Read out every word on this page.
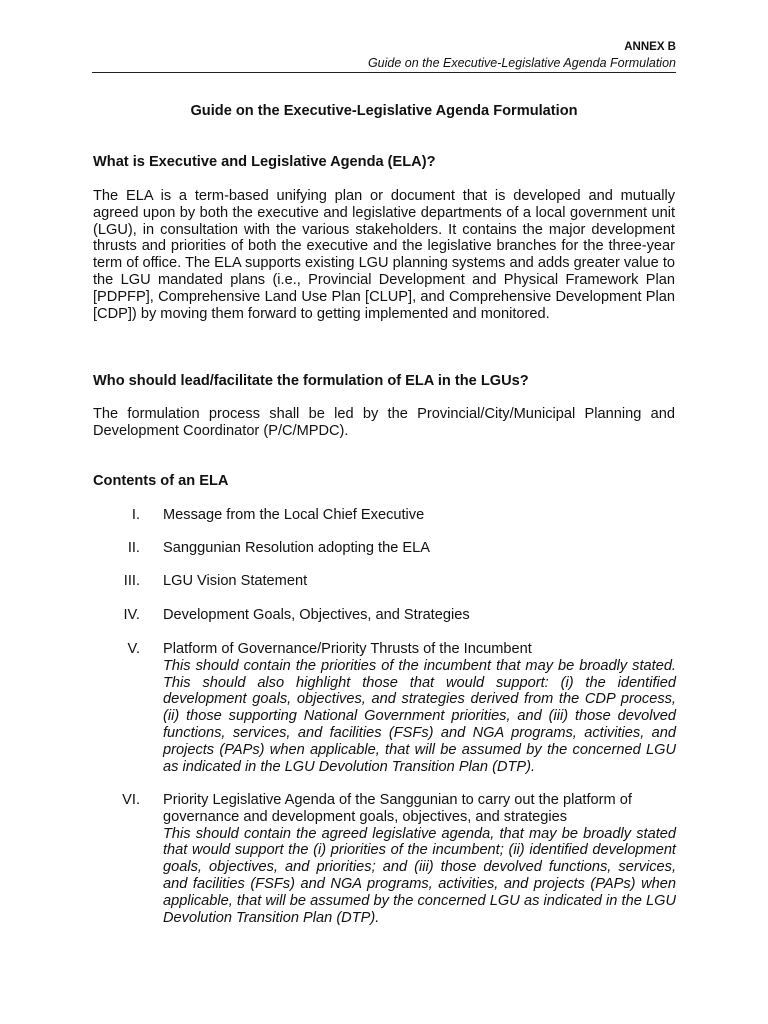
ANNEX B
Guide on the Executive-Legislative Agenda Formulation
Guide on the Executive-Legislative Agenda Formulation
What is Executive and Legislative Agenda (ELA)?
The ELA is a term-based unifying plan or document that is developed and mutually agreed upon by both the executive and legislative departments of a local government unit (LGU), in consultation with the various stakeholders. It contains the major development thrusts and priorities of both the executive and the legislative branches for the three-year term of office. The ELA supports existing LGU planning systems and adds greater value to the LGU mandated plans (i.e., Provincial Development and Physical Framework Plan [PDPFP], Comprehensive Land Use Plan [CLUP], and Comprehensive Development Plan [CDP]) by moving them forward to getting implemented and monitored.
Who should lead/facilitate the formulation of ELA in the LGUs?
The formulation process shall be led by the Provincial/City/Municipal Planning and Development Coordinator (P/C/MPDC).
Contents of an ELA
I. Message from the Local Chief Executive
II. Sanggunian Resolution adopting the ELA
III. LGU Vision Statement
IV. Development Goals, Objectives, and Strategies
V. Platform of Governance/Priority Thrusts of the Incumbent
This should contain the priorities of the incumbent that may be broadly stated. This should also highlight those that would support: (i) the identified development goals, objectives, and strategies derived from the CDP process, (ii) those supporting National Government priorities, and (iii) those devolved functions, services, and facilities (FSFs) and NGA programs, activities, and projects (PAPs) when applicable, that will be assumed by the concerned LGU as indicated in the LGU Devolution Transition Plan (DTP).
VI. Priority Legislative Agenda of the Sanggunian to carry out the platform of governance and development goals, objectives, and strategies
This should contain the agreed legislative agenda, that may be broadly stated that would support the (i) priorities of the incumbent; (ii) identified development goals, objectives, and priorities; and (iii) those devolved functions, services, and facilities (FSFs) and NGA programs, activities, and projects (PAPs) when applicable, that will be assumed by the concerned LGU as indicated in the LGU Devolution Transition Plan (DTP).
